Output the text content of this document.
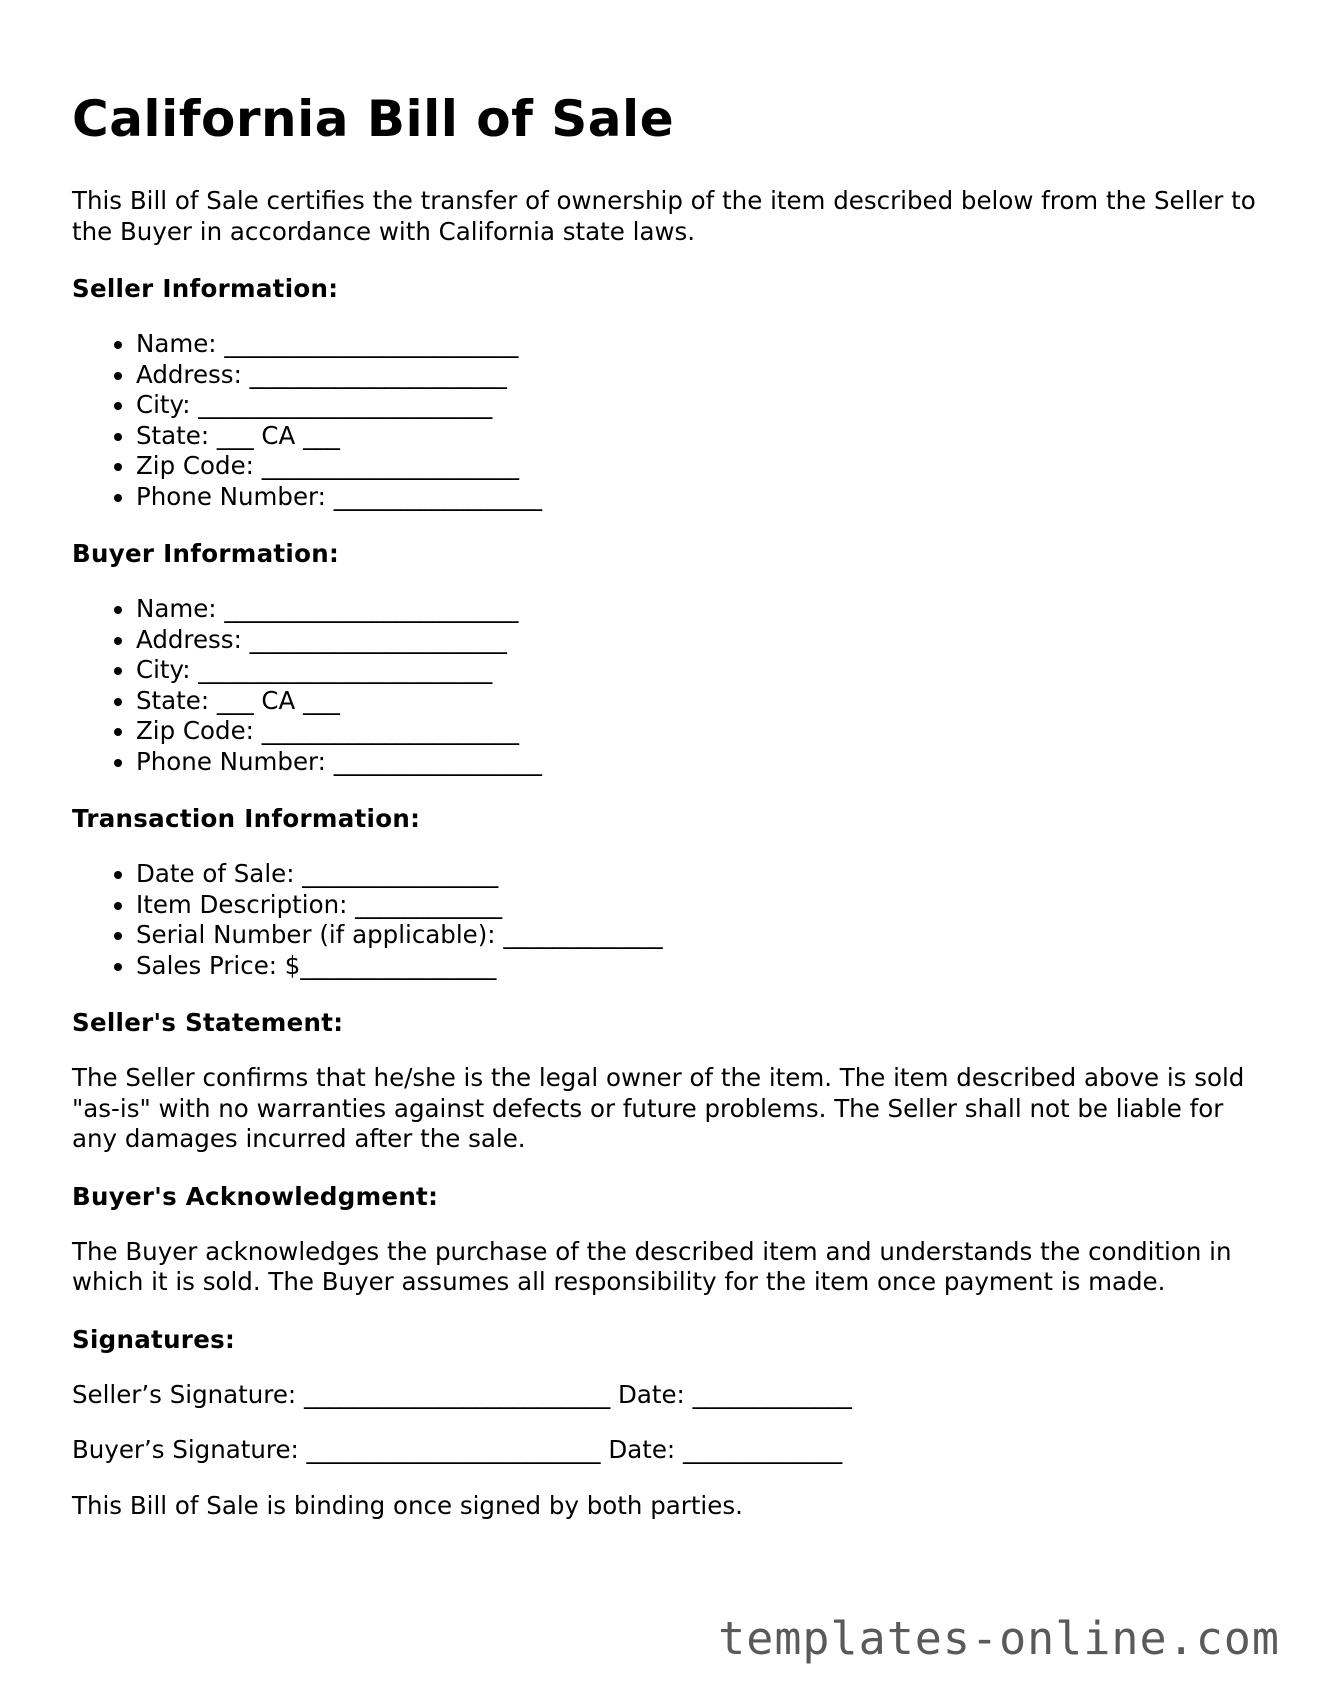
California Bill of Sale

This Bill of Sale certifies the transfer of ownership of the item described below from the Seller to the Buyer in accordance with California state laws.

Seller Information:
• Name: ________________________
• Address: _____________________
• City: ________________________
• State: ___ CA ___
• Zip Code: _____________________
• Phone Number: _________________
Buyer Information:
• Name: ________________________
• Address: _____________________
• City: ________________________
• State: ___ CA ___
• Zip Code: _____________________
• Phone Number: _________________
Transaction Information:
• Date of Sale: ________________
• Item Description: ____________
• Serial Number (if applicable): _____________
• Sales Price: $________________
Seller's Statement:

The Seller confirms that he/she is the legal owner of the item. The item described above is sold "as-is" with no warranties against defects or future problems. The Seller shall not be liable for any damages incurred after the sale.

Buyer's Acknowledgment:

The Buyer acknowledges the purchase of the described item and understands the condition in which it is sold. The Buyer assumes all responsibility for the item once payment is made.

Signatures:

Seller’s Signature: _________________________ Date: _____________

Buyer’s Signature: ________________________ Date: _____________

This Bill of Sale is binding once signed by both parties.

templates-online.com
